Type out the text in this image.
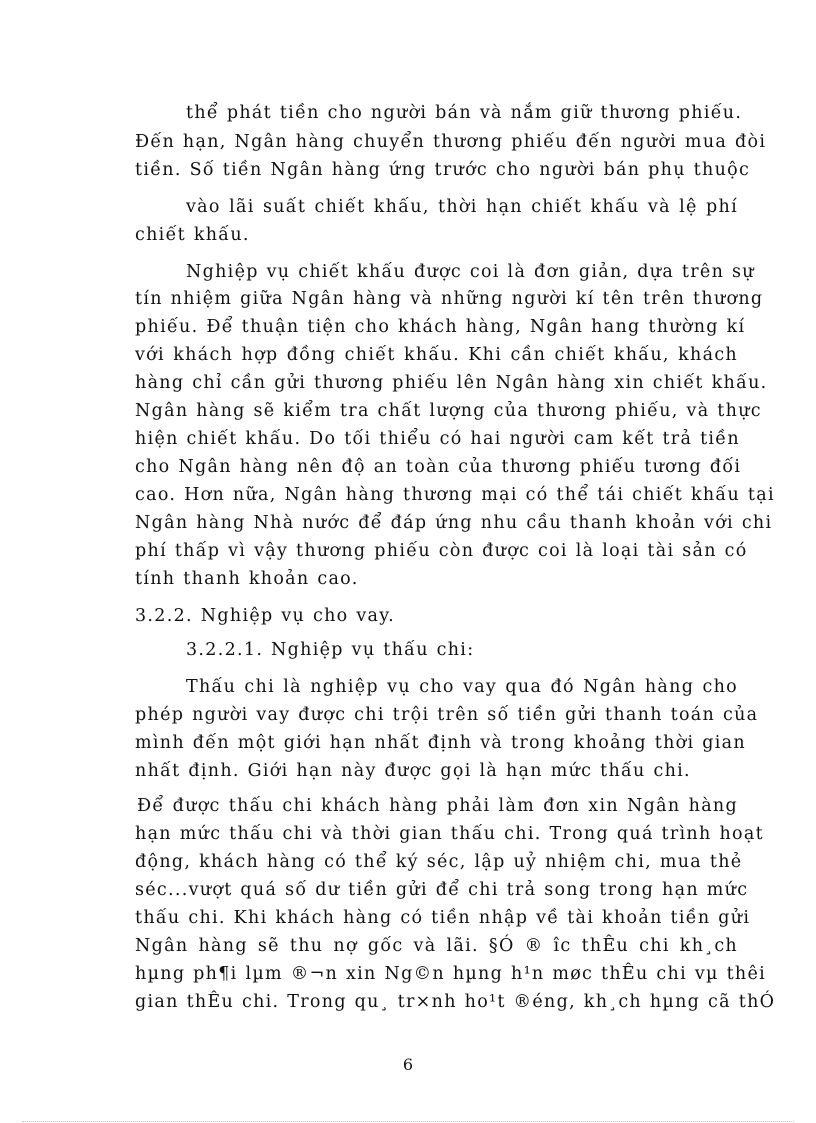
thể phát tiền cho người bán và nắm giữ thương phiếu.
Đến hạn, Ngân hàng chuyển thương phiếu đến người mua đòi
tiền. Số tiền Ngân hàng ứng trước cho người bán phụ thuộc
vào lãi suất chiết khấu, thời hạn chiết khấu và lệ phí
chiết khấu.
Nghiệp vụ chiết khấu được coi là đơn giản, dựa trên sự
tín nhiệm giữa Ngân hàng và những người kí tên trên thương
phiếu. Để thuận tiện cho khách hàng, Ngân hang thường kí
với khách hợp đồng chiết khấu. Khi cần chiết khấu, khách
hàng chỉ cần gửi thương phiếu lên Ngân hàng xin chiết khấu.
Ngân hàng sẽ kiểm tra chất lượng của thương phiếu, và thực
hiện chiết khấu. Do tối thiểu có hai người cam kết trả tiền
cho Ngân hàng nên độ an toàn của thương phiếu tương đối
cao. Hơn nữa, Ngân hàng thương mại có thể tái chiết khấu tại
Ngân hàng Nhà nước để đáp ứng nhu cầu thanh khoản với chi
phí thấp vì vậy thương phiếu còn được coi là loại tài sản có
tính thanh khoản cao.
3.2.2. Nghiệp vụ cho vay.
3.2.2.1. Nghiệp vụ thấu chi:
Thấu chi là nghiệp vụ cho vay qua đó Ngân hàng cho
phép người vay được chi trội trên số tiền gửi thanh toán của
mình đến một giới hạn nhất định và trong khoảng thời gian
nhất định. Giới hạn này được gọi là hạn mức thấu chi.
Để được thấu chi khách hàng phải làm đơn xin Ngân hàng
hạn mức thấu chi và thời gian thấu chi. Trong quá trình hoạt
động, khách hàng có thể ký séc, lập uỷ nhiệm chi, mua thẻ
séc...vượt quá số dư tiền gửi để chi trả song trong hạn mức
thấu chi. Khi khách hàng có tiền nhập về tài khoản tiền gửi
Ngân hàng sẽ thu nợ gốc và lãi. §Ó ® îc thÊu chi kh¸ch
hµng ph¶i lµm ®¬n xin Ng©n hµng h¹n møc thÊu chi vµ thêi
gian thÊu chi. Trong qu¸ tr×nh ho¹t ®éng, kh¸ch hµng cã thÓ
6
